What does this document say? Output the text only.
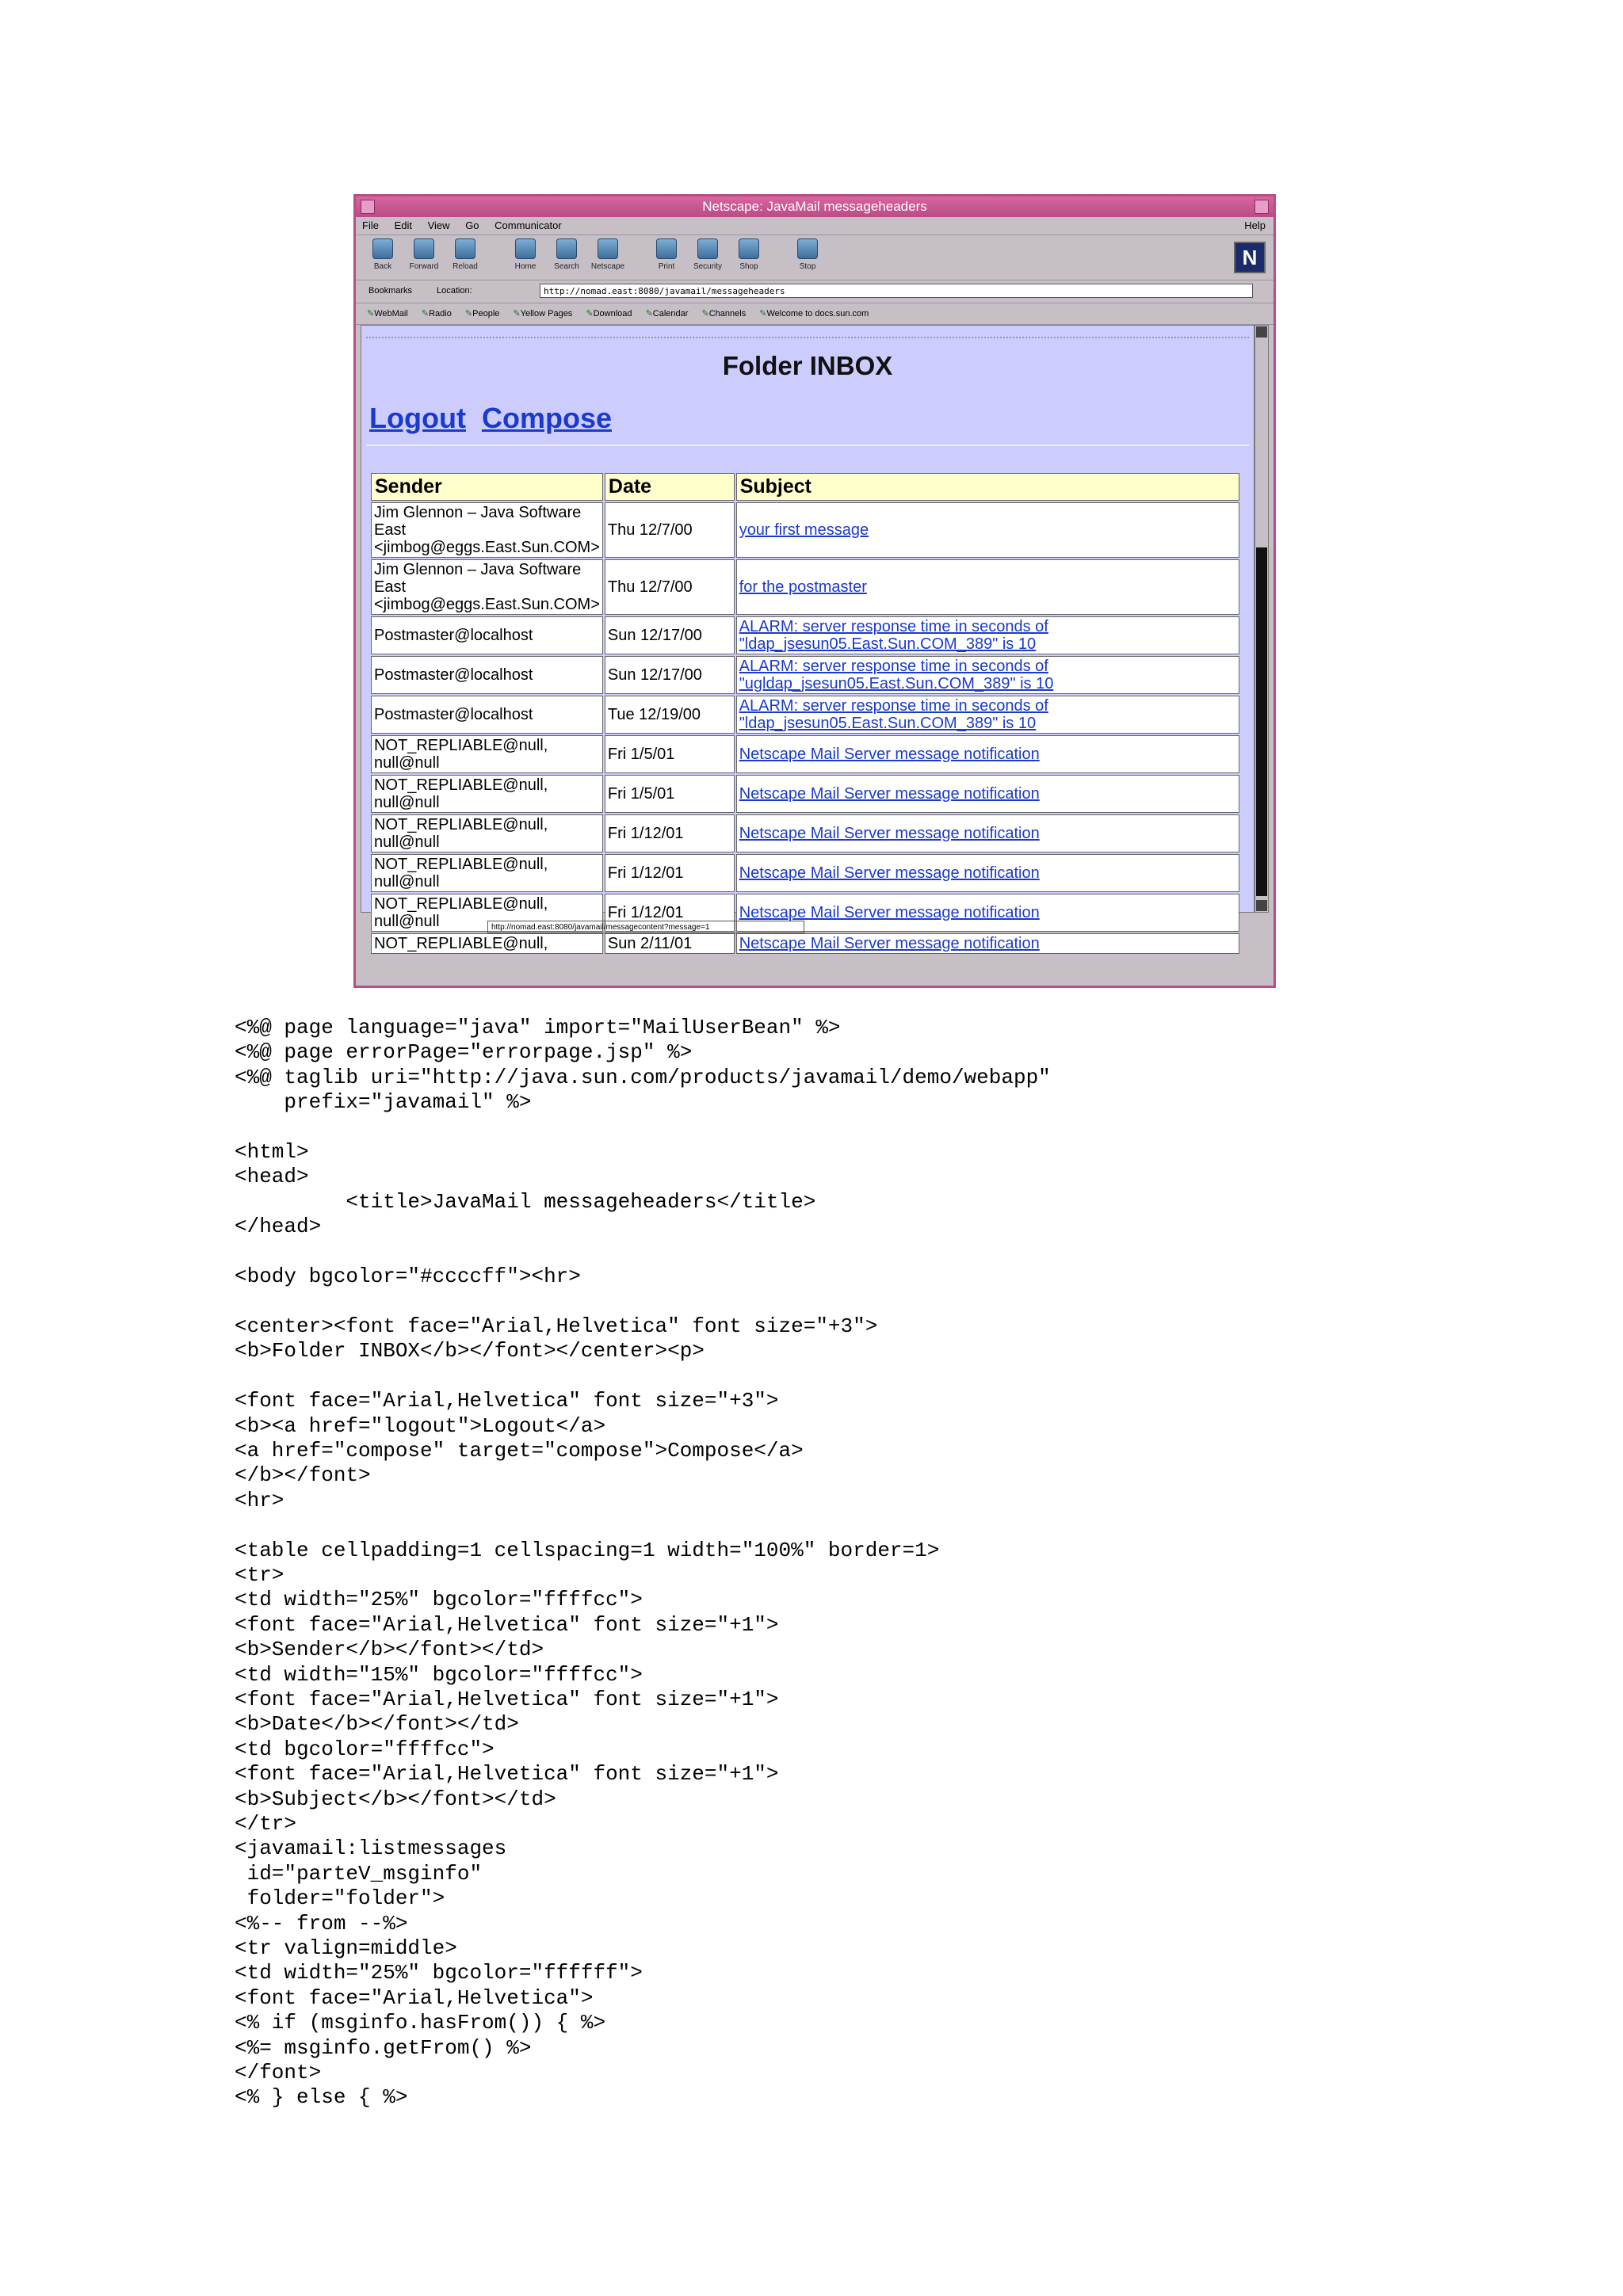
Netscape: JavaMail messageheaders
File Edit View Go Communicator	Help
Back	Forward	Reload	Home	Search	Netscape	Print	Security	Shop	Stop	N
Bookmarks	Location:	http://nomad.east:8080/javamail/messageheaders
✎ WebMail ✎ Radio ✎ People ✎ Yellow Pages ✎ Download ✎ Calendar ✎ Channels ✎ Welcome to docs.sun.com
Folder INBOX
Logout Compose
Sender	Date	Subject
Jim Glennon – Java Software East <jimbog@eggs.East.Sun.COM>	Thu 12/7/00	your first message
Jim Glennon – Java Software East <jimbog@eggs.East.Sun.COM>	Thu 12/7/00	for the postmaster
Postmaster@localhost	Sun 12/17/00	ALARM: server response time in seconds of "ldap_jsesun05.East.Sun.COM_389" is 10
Postmaster@localhost	Sun 12/17/00	ALARM: server response time in seconds of "ugldap_jsesun05.East.Sun.COM_389" is 10
Postmaster@localhost	Tue 12/19/00	ALARM: server response time in seconds of "ldap_jsesun05.East.Sun.COM_389" is 10
NOT_REPLIABLE@null, null@null	Fri 1/5/01	Netscape Mail Server message notification
NOT_REPLIABLE@null, null@null	Fri 1/5/01	Netscape Mail Server message notification
NOT_REPLIABLE@null, null@null	Fri 1/12/01	Netscape Mail Server message notification
NOT_REPLIABLE@null, null@null	Fri 1/12/01	Netscape Mail Server message notification
NOT_REPLIABLE@null, null@null	Fri 1/12/01	Netscape Mail Server message notification
NOT_REPLIABLE@null,	Sun 2/11/01	Netscape Mail Server message notification
http://nomad.east:8080/javamail/messagecontent?message=1
<%@ page language="java" import="MailUserBean" %>
<%@ page errorPage="errorpage.jsp" %>
<%@ taglib uri="http://java.sun.com/products/javamail/demo/webapp"
prefix="javamail" %>

<html>
<head>
<title>JavaMail messageheaders</title>
</head>

<body bgcolor="#ccccff"><hr>

<center><font face="Arial,Helvetica" font size="+3">
<b>Folder INBOX</b></font></center><p>

<font face="Arial,Helvetica" font size="+3">
<b><a href="logout">Logout</a>
<a href="compose" target="compose">Compose</a>
</b></font>
<hr>

<table cellpadding=1 cellspacing=1 width="100%" border=1>
<tr>
<td width="25%" bgcolor="ffffcc">
<font face="Arial,Helvetica" font size="+1">
<b>Sender</b></font></td>
<td width="15%" bgcolor="ffffcc">
<font face="Arial,Helvetica" font size="+1">
<b>Date</b></font></td>
<td bgcolor="ffffcc">
<font face="Arial,Helvetica" font size="+1">
<b>Subject</b></font></td>
</tr>
<javamail:listmessages
id="parteV_msginfo"
folder="folder">
<%-- from --%>
<tr valign=middle>
<td width="25%" bgcolor="ffffff">
<font face="Arial,Helvetica">
<% if (msginfo.hasFrom()) { %>
<%= msginfo.getFrom() %>
</font>
<% } else { %>
